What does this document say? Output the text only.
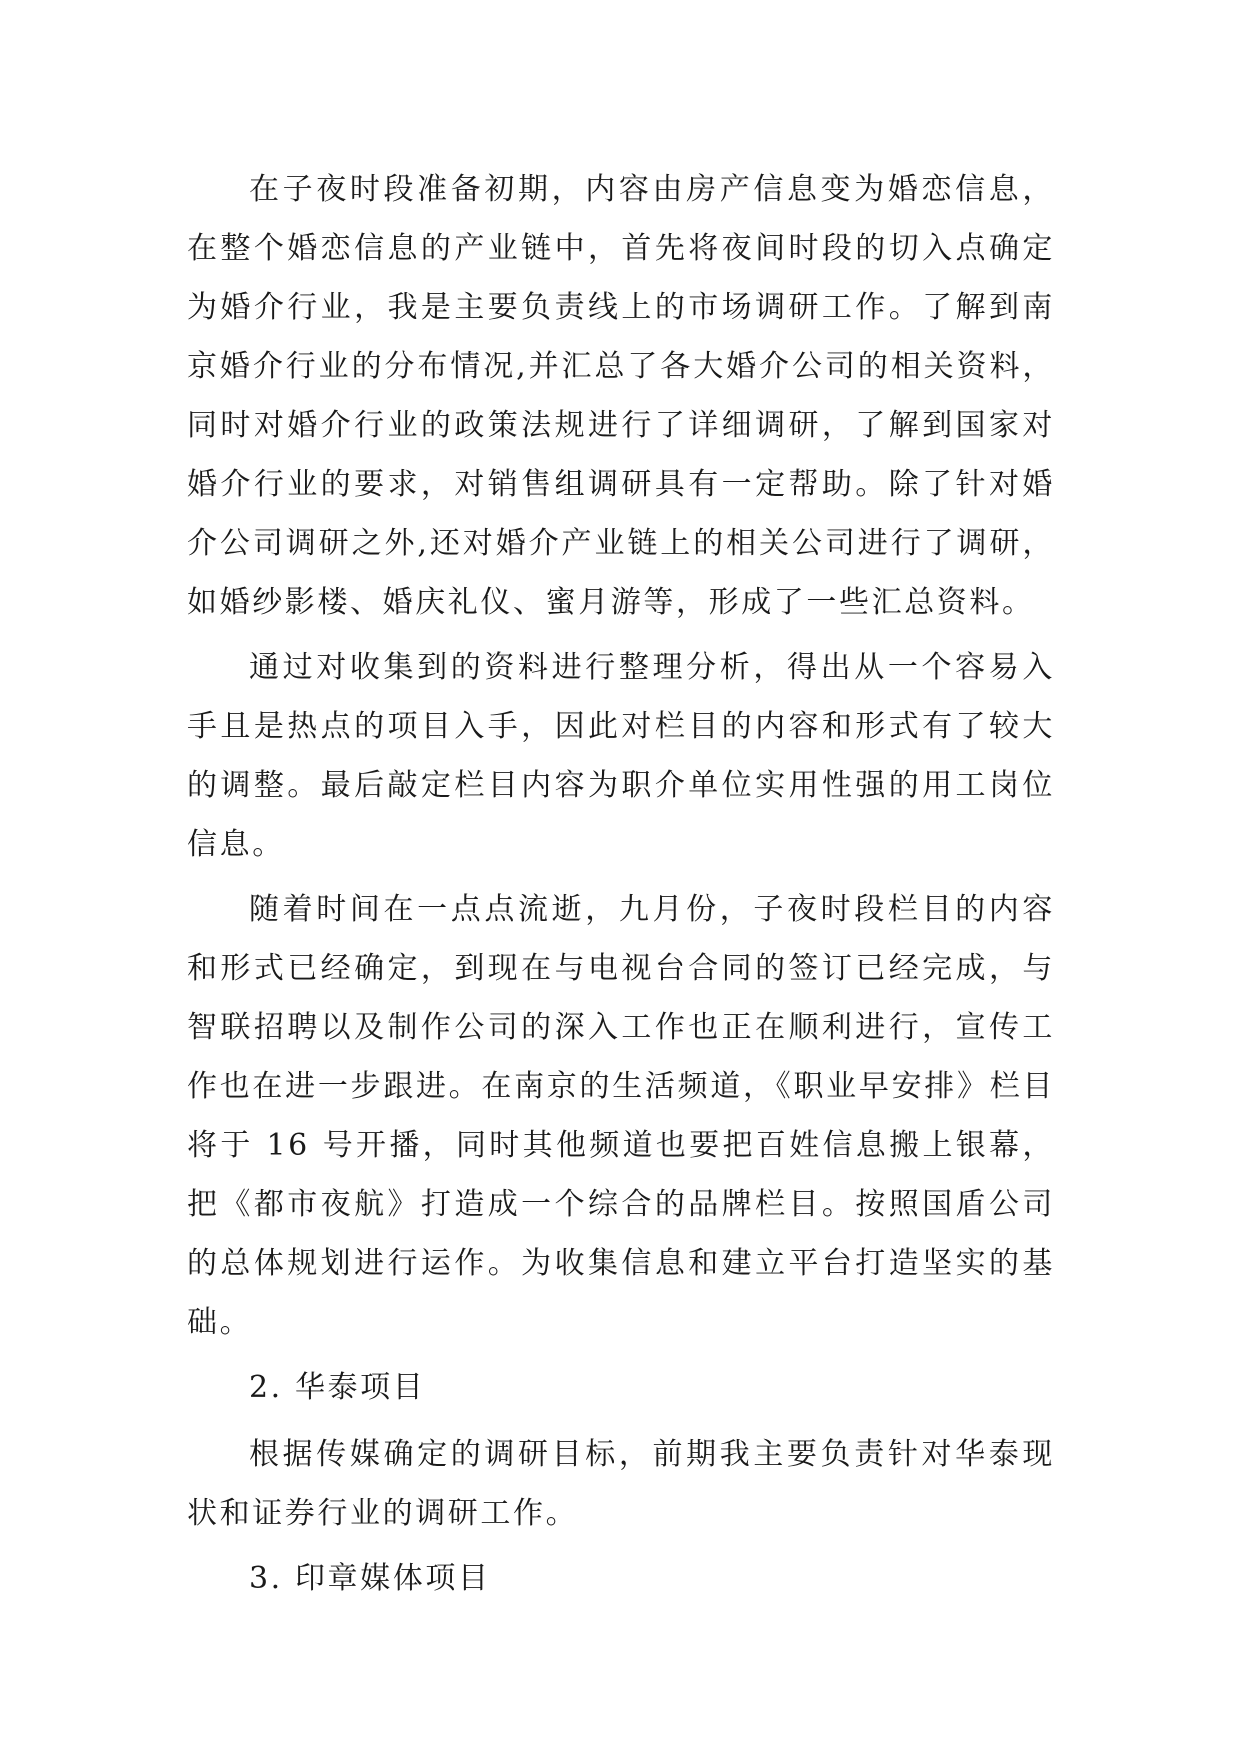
在子夜时段准备初期，内容由房产信息变为婚恋信息，在整个婚恋信息的产业链中，首先将夜间时段的切入点确定为婚介行业，我是主要负责线上的市场调研工作。了解到南京婚介行业的分布情况,并汇总了各大婚介公司的相关资料，同时对婚介行业的政策法规进行了详细调研，了解到国家对婚介行业的要求，对销售组调研具有一定帮助。除了针对婚介公司调研之外,还对婚介产业链上的相关公司进行了调研，如婚纱影楼、婚庆礼仪、蜜月游等，形成了一些汇总资料。

通过对收集到的资料进行整理分析，得出从一个容易入手且是热点的项目入手，因此对栏目的内容和形式有了较大的调整。最后敲定栏目内容为职介单位实用性强的用工岗位信息。

随着时间在一点点流逝，九月份，子夜时段栏目的内容和形式已经确定，到现在与电视台合同的签订已经完成，与智联招聘以及制作公司的深入工作也正在顺利进行，宣传工作也在进一步跟进。在南京的生活频道，《职业早安排》栏目将于 16 号开播，同时其他频道也要把百姓信息搬上银幕，把《都市夜航》打造成一个综合的品牌栏目。按照国盾公司的总体规划进行运作。为收集信息和建立平台打造坚实的基础。

2. 华泰项目

根据传媒确定的调研目标，前期我主要负责针对华泰现状和证券行业的调研工作。

3. 印章媒体项目
